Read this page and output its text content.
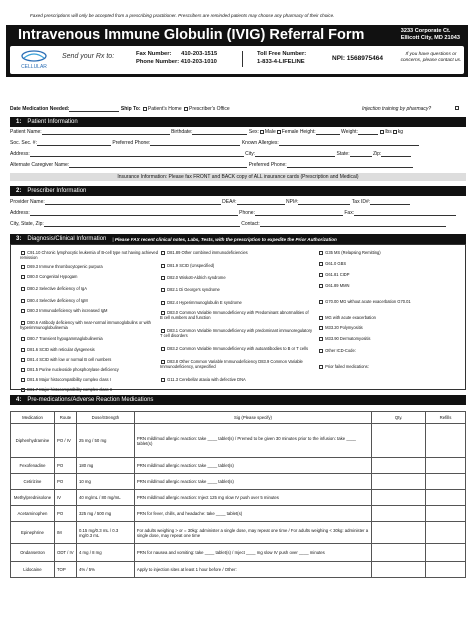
Faxed prescriptions will only be accepted from a prescribing practitioner. Prescribers are reminded patients may choose any pharmacy of their choice.
Intravenous Immune Globulin (IVIG) Referral Form	3233 Corporate Ct.
Ellicott City, MD 21043
CELLULAR
Send your Rx to:	Fax Number: 410-203-1515
Phone Number: 410-203-1010
Toll Free Number:
1-833-4-LIFELINE	NPI: 1568975464
If you have questions or concerns, please contact us.
Date Medication Needed:	Ship To: Patient's Home Prescriber's Office	Injection training by pharmacy?
1: Patient Information
Patient Name:	Birthdate:	Sex: Male Female Height:	Weight:	lbs kg
Soc. Sec. #:	Preferred Phone:	Known Allergies:
Address:	City:	State:	Zip:
Alternate Caregiver Name:	Preferred Phone:
Insurance Information: Please fax FRONT and BACK copy of ALL insurance cards (Prescription and Medical)
2: Prescriber Information
Provider Name:	DEA#:	NPI#:	Tax ID#:
Address:	Phone:	Fax:
City, State, Zip:	Contact:
3: Diagnosis/Clinical Information | Please FAX recent clinical notes, Labs, Tests, with the prescription to expedite the Prior Authorization
C91.10 Chronic lymphocytic leukemia of B-cell type not having achieved remission
D69.3 Immune thrombocytopenic purpura
D80.0 Congenital Hypogam
D80.2 Selective deficiency of IgA
D80.4 Selective deficiency of IgM
D80.3 Immunodeficiency with increased IgM
D80.6 Antibody deficiency with near-normal immunoglobulins or with hyperimmunoglobulinemia
D80.7 Transient hypogammaglobulinemia
D81.6 SCID with reticular dysgenesis
D81.4 SCID with low or normal B cell numbers
D81.5 Purine nucleoside phosphorylase deficiency
D81.6 Major histocompatibility complex class I
D81.7 Major histocompatibility complex class II
D81.89 Other combined immunodeficiencies
D81.9 SCID (Unspecified)
D82.0 Wiskott-Aldrich syndrome
D82.1 Di George's syndrome
D82.4 Hyperimmunoglobulin E syndrome
D83.0 Common Variable Immunodeficiency with Predominant abnormalities of B cell numbers and function
D83.1 Common Variable Immunodeficiency with predominant immunoregulatory T cell disorders
D83.2 Common Variable Immunodeficiency with autoantibodies to B or T cells
D83.8 Other Common Variable Immunodeficiency D83.9 Common Variable Immunodeficiency, unspecified
G11.3 Cerebellar ataxia with defective DNA
G35 MS (Relapsing Remitting)
G61.0 GBS
G61.81 CIDP
G61.89 MMN
G70.00 MG without acute exacerbation G70.01
MG with acute exacerbation
M33.20 Polymyositis
M33.90 Dermatomyositis
Other ICD-Code:
Prior failed medications:
4: Pre-medications/Adverse Reaction Medications
Medication	Route	Dose/Strength	Sig (Please specify)	Qty.	Refills
Diphenhydramine	PO / IV	25 mg / 50 mg	PRN mild/mod allergic reaction: take ____ tablet(s) / Premed to be given 30 minutes prior to the infusion: take ____ tablet(s)		
Fexofenadine	PO	180 mg	PRN mild/mod allergic reaction: take ____ tablet(s)		
Cetirizine	PO	10 mg	PRN mild/mod allergic reaction: take ____ tablet(s)		
Methylprednisolone	IV	40 mg/mL / 80 mg/mL	PRN mild/mod allergic reaction: Inject 125 mg slow IV push over 5 minutes		
Acetaminophen	PO	325 mg / 500 mg	PRN for fever, chills, and headache: take ____ tablet(s)		
Epinephrine	IM	0.15 mg/0.3 mL / 0.3 mg/0.3 mL	For adults weighing > or = 30kg: administer a single dose, may repeat one time / For adults weighing < 30kg: administer a single dose, may repeat one time		
Ondansetron	ODT / IV	4 mg / 8 mg	PRN for nausea and vomiting: take ____ tablet(s) / Inject ____ mg slow IV push over ____ minutes		
Lidocaine	TOP	4% / 5%	Apply to injection sites at least 1 hour before / Other:		
